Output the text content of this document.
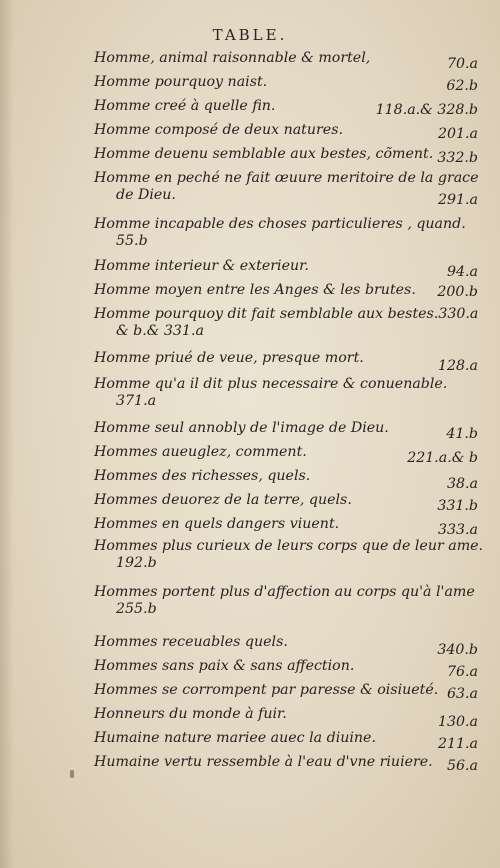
TABLE.
Homme, animal raisonnable & mortel,	70.a
Homme pourquoy naist.	62.b
Homme creé à quelle fin.	118.a.& 328.b
Homme composé de deux natures.	201.a
Homme deuenu semblable aux bestes, cõment. 332.b
Homme en peché ne fait œuure meritoire de la grace
de Dieu.	291.a
Homme incapable des choses particulieres , quand.
55.b
Homme interieur & exterieur.	94.a
Homme moyen entre les Anges & les brutes. 200.b
Homme pourquoy dit fait semblable aux bestes.330.a
& b.& 331.a
Homme priué de veue, presque mort.	128.a
Homme qu'a il dit plus necessaire & conuenable.
371.a
Homme seul annobly de l'image de Dieu.	41.b
Hommes aueuglez, comment.	221.a.& b
Hommes des richesses, quels.	38.a
Hommes deuorez de la terre, quels.	331.b
Hommes en quels dangers viuent.	333.a
Hommes plus curieux de leurs corps que de leur ame.
192.b
Hommes portent plus d'affection au corps qu'à l'ame
255.b
Hommes receuables quels.	340.b
Hommes sans paix & sans affection.	76.a
Hommes se corrompent par paresse & oisiueté. 63.a
Honneurs du monde à fuir.	130.a
Humaine nature mariee auec la diuine.	211.a
Humaine vertu ressemble à l'eau d'vne riuiere. 56.a
